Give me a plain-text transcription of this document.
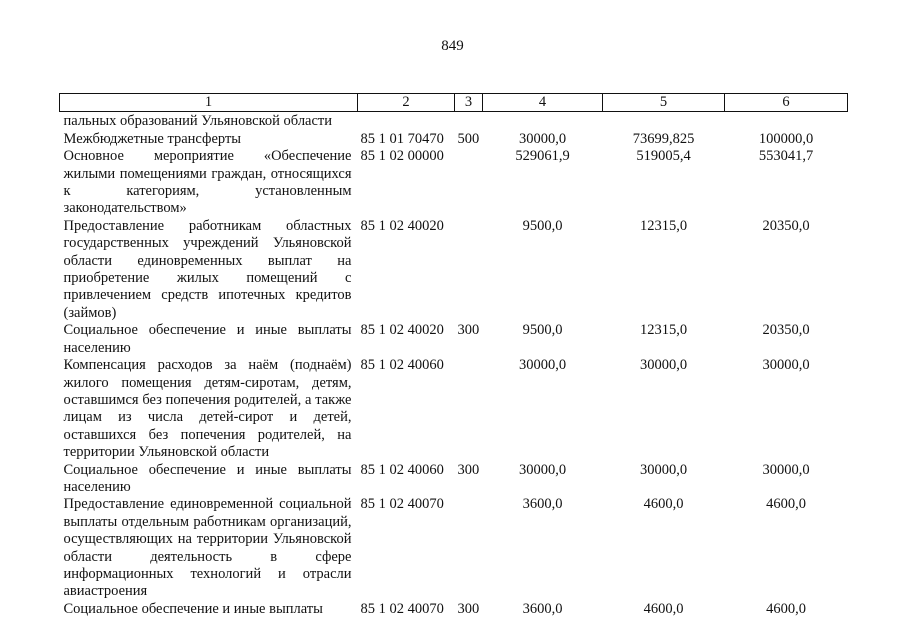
849
1	2	3	4	5	6
пальных образований Ульяновской области					
Межбюджетные трансферты	85 1 01 70470	500	30000,0	73699,825	100000,0
Основное мероприятие «Обеспечение жилыми помещениями граждан, относящихся к категориям, установленным законодательством»	85 1 02 00000		529061,9	519005,4	553041,7
Предоставление работникам областных государственных учреждений Ульяновской области единовременных выплат на приобретение жилых помещений с привлечением средств ипотечных кредитов (займов)	85 1 02 40020		9500,0	12315,0	20350,0
Социальное обеспечение и иные выплаты населению	85 1 02 40020	300	9500,0	12315,0	20350,0
Компенсация расходов за наём (поднаём) жилого помещения детям-сиротам, детям, оставшимся без попечения родителей, а также лицам из числа детей-сирот и детей, оставшихся без попечения родителей, на территории Ульяновской области	85 1 02 40060		30000,0	30000,0	30000,0
Социальное обеспечение и иные выплаты населению	85 1 02 40060	300	30000,0	30000,0	30000,0
Предоставление единовременной социальной выплаты отдельным работникам организаций, осуществляющих на территории Ульяновской области деятельность в сфере информационных технологий и отрасли авиастроения	85 1 02 40070		3600,0	4600,0	4600,0
Социальное обеспечение и иные выплаты	85 1 02 40070	300	3600,0	4600,0	4600,0
